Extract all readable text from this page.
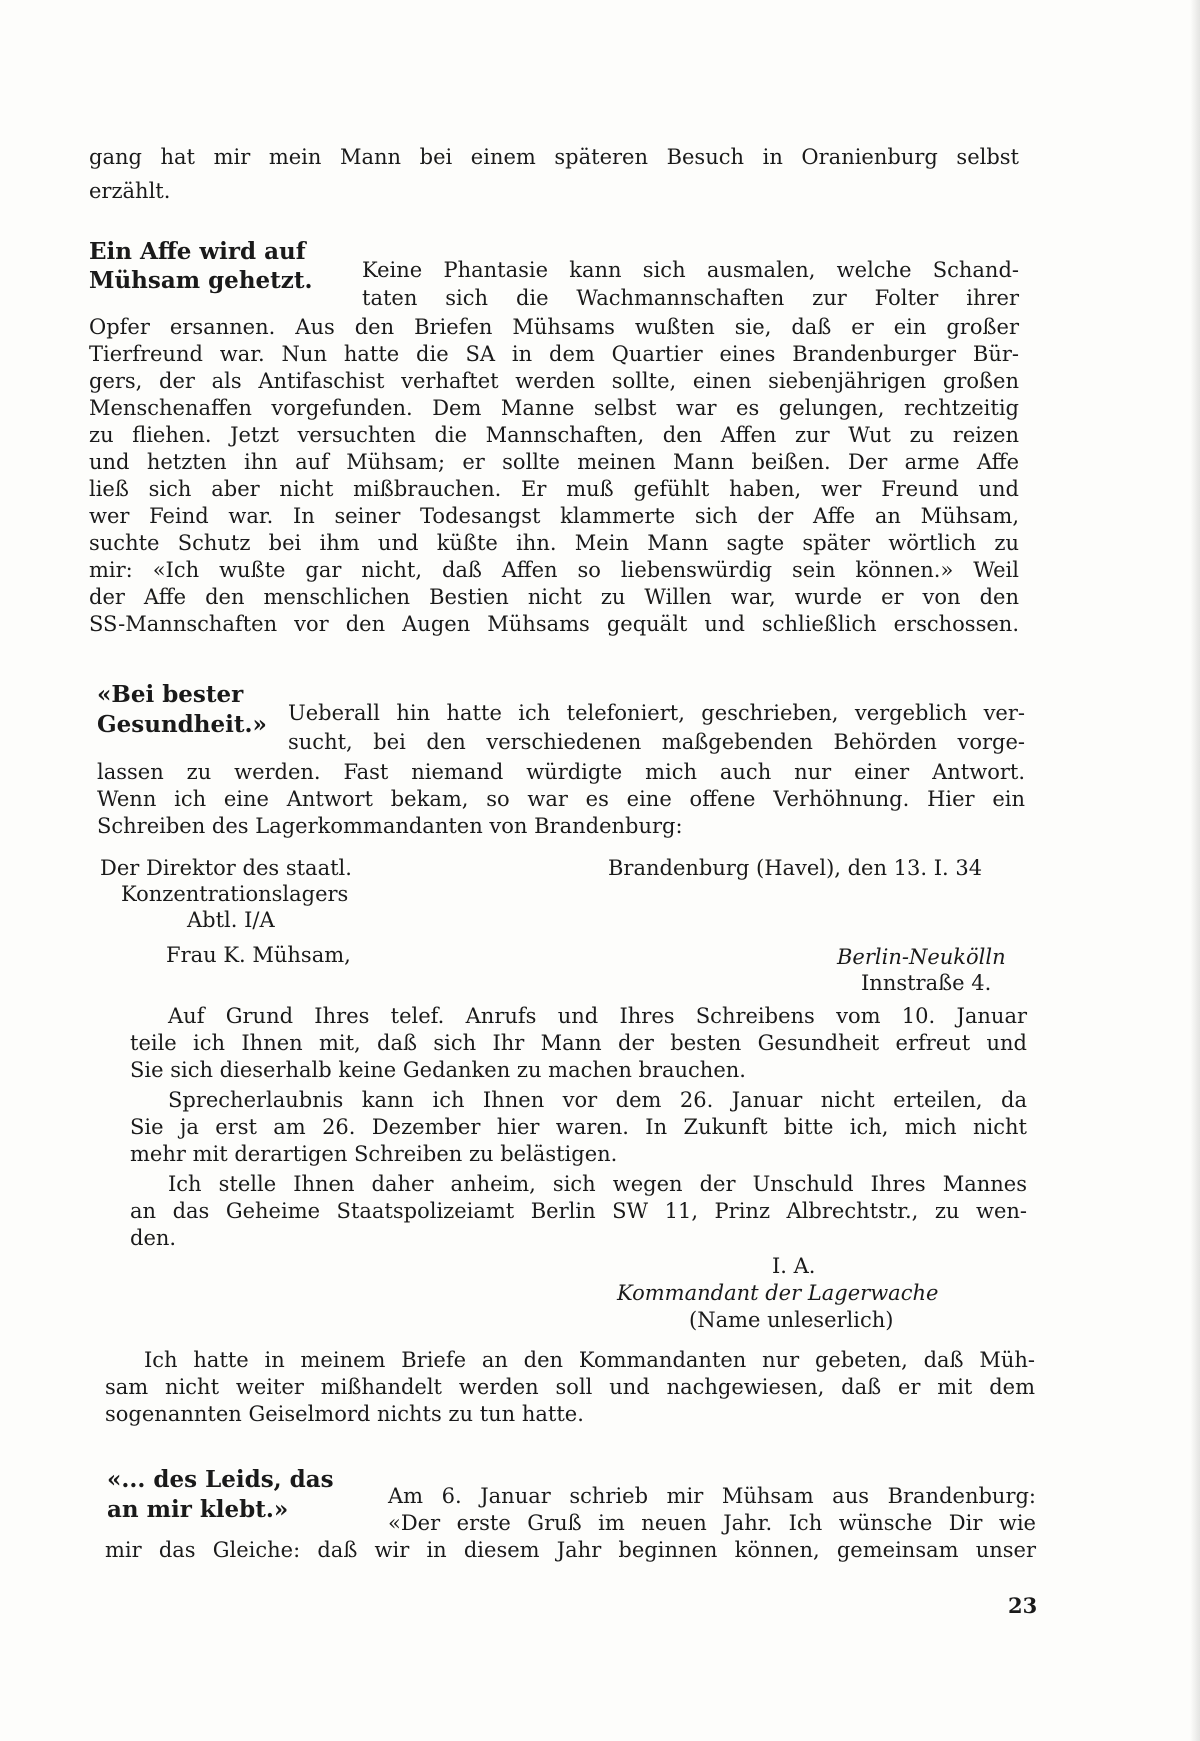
gang hat mir mein Mann bei einem späteren Besuch in Oranienburg selbst
erzählt.
Ein Affe wird auf
Mühsam gehetzt. Keine Phantasie kann sich ausmalen, welche Schand-
taten sich die Wachmannschaften zur Folter ihrer
Opfer ersannen. Aus den Briefen Mühsams wußten sie, daß er ein großer
Tierfreund war. Nun hatte die SA in dem Quartier eines Brandenburger Bür-
gers, der als Antifaschist verhaftet werden sollte, einen siebenjährigen großen
Menschenaffen vorgefunden. Dem Manne selbst war es gelungen, rechtzeitig
zu fliehen. Jetzt versuchten die Mannschaften, den Affen zur Wut zu reizen
und hetzten ihn auf Mühsam; er sollte meinen Mann beißen. Der arme Affe
ließ sich aber nicht mißbrauchen. Er muß gefühlt haben, wer Freund und
wer Feind war. In seiner Todesangst klammerte sich der Affe an Mühsam,
suchte Schutz bei ihm und küßte ihn. Mein Mann sagte später wörtlich zu
mir: «Ich wußte gar nicht, daß Affen so liebenswürdig sein können.» Weil
der Affe den menschlichen Bestien nicht zu Willen war, wurde er von den
SS-Mannschaften vor den Augen Mühsams gequält und schließlich erschossen.
«Bei bester
Gesundheit.» Ueberall hin hatte ich telefoniert, geschrieben, vergeblich ver-
sucht, bei den verschiedenen maßgebenden Behörden vorge-
lassen zu werden. Fast niemand würdigte mich auch nur einer Antwort.
Wenn ich eine Antwort bekam, so war es eine offene Verhöhnung. Hier ein
Schreiben des Lagerkommandanten von Brandenburg:
Der Direktor des staatl.
Konzentrationslagers
Abtl. I/A
Brandenburg (Havel), den 13. I. 34
Frau K. Mühsam,	Berlin-Neukölln
Innstraße 4.
Auf Grund Ihres telef. Anrufs und Ihres Schreibens vom 10. Januar
teile ich Ihnen mit, daß sich Ihr Mann der besten Gesundheit erfreut und
Sie sich dieserhalb keine Gedanken zu machen brauchen.
Sprecherlaubnis kann ich Ihnen vor dem 26. Januar nicht erteilen, da
Sie ja erst am 26. Dezember hier waren. In Zukunft bitte ich, mich nicht
mehr mit derartigen Schreiben zu belästigen.
Ich stelle Ihnen daher anheim, sich wegen der Unschuld Ihres Mannes
an das Geheime Staatspolizeiamt Berlin SW 11, Prinz Albrechtstr., zu wen-
den.
I. A.
Kommandant der Lagerwache
(Name unleserlich)
Ich hatte in meinem Briefe an den Kommandanten nur gebeten, daß Müh-
sam nicht weiter mißhandelt werden soll und nachgewiesen, daß er mit dem
sogenannten Geiselmord nichts zu tun hatte.
«... des Leids, das
an mir klebt.»	Am 6. Januar schrieb mir Mühsam aus Brandenburg:
«Der erste Gruß im neuen Jahr. Ich wünsche Dir wie
mir das Gleiche: daß wir in diesem Jahr beginnen können, gemeinsam unser
23
